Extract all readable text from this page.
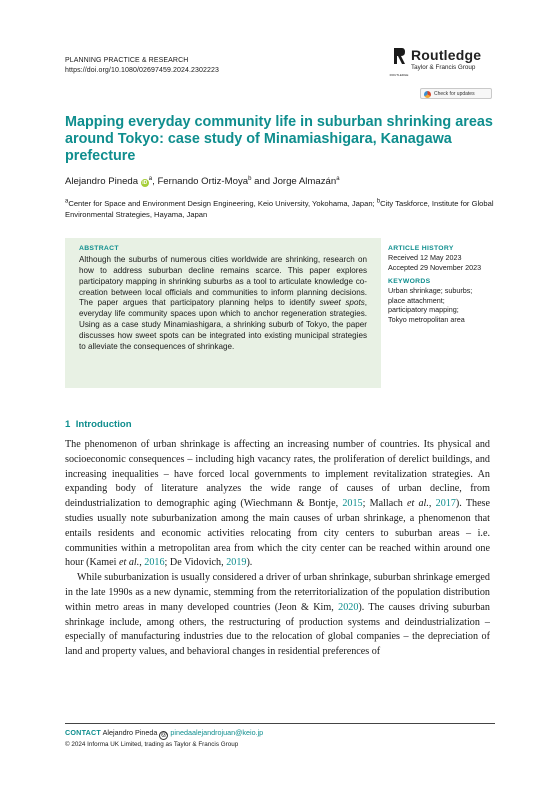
PLANNING PRACTICE & RESEARCH
https://doi.org/10.1080/02697459.2024.2302223
ROUTLEDGE
Routledge
Taylor & Francis Group
Check for updates
Mapping everyday community life in suburban shrinking areas around Tokyo: case study of Minamiashigara, Kanagawa prefecture
Alejandro Pineda $iD^a$, Fernando Ortiz-Moya$^b$ and Jorge Almazán$^a$
$^a$Center for Space and Environment Design Engineering, Keio University, Yokohama, Japan; $^b$City Taskforce, Institute for Global Environmental Strategies, Hayama, Japan
ABSTRACT
Although the suburbs of numerous cities worldwide are shrinking, research on how to address suburban decline remains scarce. This paper explores participatory mapping in shrinking suburbs as a tool to articulate knowledge co-creation between local officials and communities to inform planning decisions. The paper argues that participatory planning helps to identify sweet spots, everyday life community spaces upon which to anchor regeneration strategies. Using as a case study Minamiashigara, a shrinking suburb of Tokyo, the paper discusses how sweet spots can be integrated into existing municipal strategies to alleviate the consequences of shrinkage.
ARTICLE HISTORY
Received 12 May 2023
Accepted 29 November 2023
KEYWORDS
Urban shrinkage; suburbs;
place attachment;
participatory mapping;
Tokyo metropolitan area
1 Introduction

The phenomenon of urban shrinkage is affecting an increasing number of countries. Its physical and socioeconomic consequences – including high vacancy rates, the proliferation of derelict buildings, and increasing inequalities – have forced local governments to implement revitalization strategies. An expanding body of literature analyzes the wide range of causes of urban decline, from deindustrialization to demographic aging (Wiechmann & Bontje, 2015; Mallach et al., 2017). These studies usually note suburbanization among the main causes of urban shrinkage, a phenomenon that entails residents and economic activities relocating from city centers to suburban areas – i.e. communities within a metropolitan area from which the city center can be reached within around one hour (Kamei et al., 2016; De Vidovich, 2019).

While suburbanization is usually considered a driver of urban shrinkage, suburban shrinkage emerged in the late 1990s as a new dynamic, stemming from the reterritorialization of the population distribution within metro areas in many developed countries (Jeon & Kim, 2020). The causes driving suburban shrinkage include, among others, the restructuring of production systems and deindustrialization – especially of manufacturing industries due to the relocation of global companies – the depreciation of land and property values, and behavioral changes in residential preferences of

CONTACT Alejandro Pineda @ pinedaalejandrojuan@keio.jp
© 2024 Informa UK Limited, trading as Taylor & Francis Group
